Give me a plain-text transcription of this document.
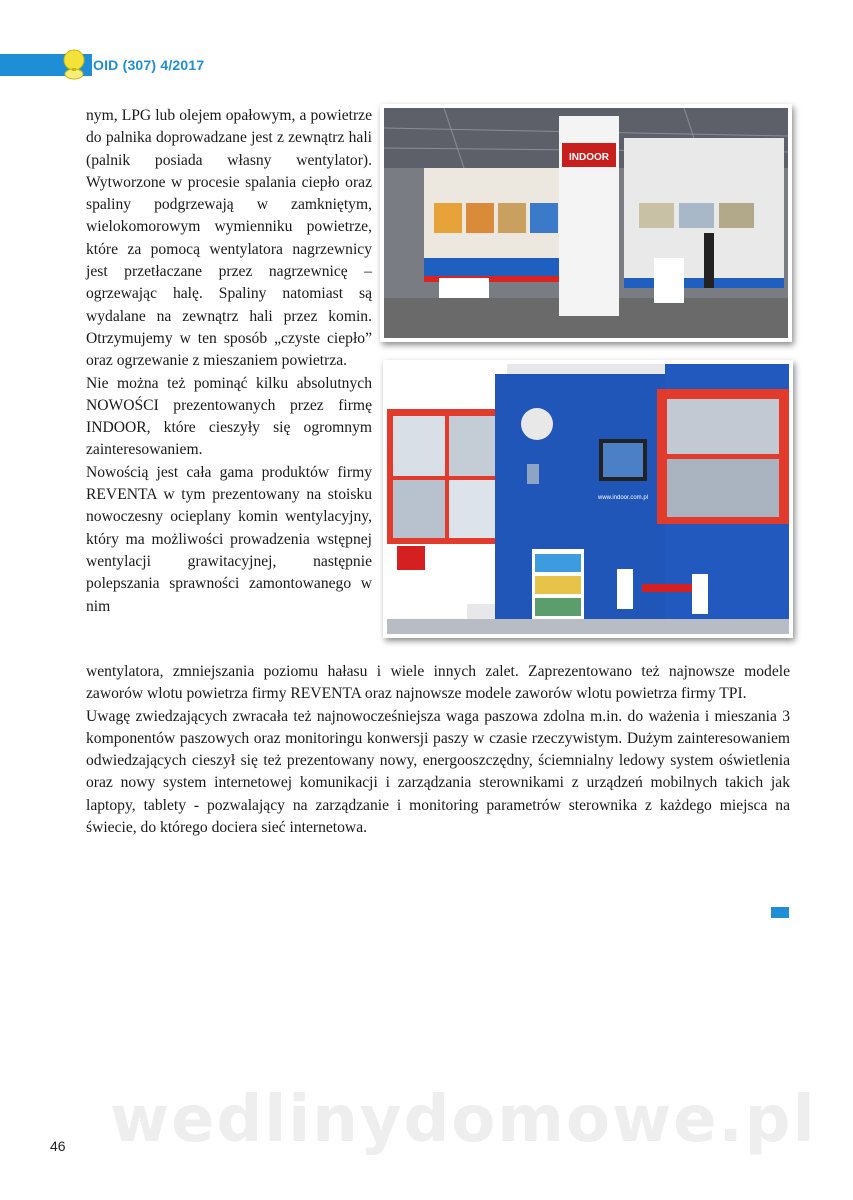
OID (307) 4/2017

nym, LPG lub olejem opałowym, a powietrze do palnika doprowadzane jest z zewnątrz hali (palnik posiada własny wentylator). Wytworzone w procesie spalania ciepło oraz spaliny podgrzewają w zamkniętym, wielokomorowym wymienniku powietrze, które za pomocą wentylatora nagrzewnicy jest przetłaczane przez nagrzewnicę – ogrzewając halę. Spaliny natomiast są wydalane na zewnątrz hali przez komin. Otrzymujemy w ten sposób „czyste ciepło” oraz ogrzewanie z mieszaniem powietrza.

Nie można też pominąć kilku absolutnych NOWOŚCI prezentowanych przez firmę INDOOR, które cieszyły się ogromnym zainteresowaniem.

Nowością jest cała gama produktów firmy REVENTA w tym prezentowany na stoisku nowoczesny ocieplany komin wentylacyjny, który ma możliwości prowadzenia wstępnej wentylacji grawitacyjnej, następnie polepszania sprawności zamontowanego w nim

INDOOR
www.indoor.com.pl

wentylatora, zmniejszania poziomu hałasu i wiele innych zalet. Zaprezentowano też najnowsze modele zaworów wlotu powietrza firmy REVENTA oraz najnowsze modele zaworów wlotu powietrza firmy TPI.

Uwagę zwiedzających zwracała też najnowocześniejsza waga paszowa zdolna m.in. do ważenia i mieszania 3 komponentów paszowych oraz monitoringu konwersji paszy w czasie rzeczywistym. Dużym zainteresowaniem odwiedzających cieszył się też prezentowany nowy, energooszczędny, ściemnialny ledowy system oświetlenia oraz nowy system internetowej komunikacji i zarządzania sterownikami z urządzeń mobilnych takich jak laptopy, tablety - pozwalający na zarządzanie i monitoring parametrów sterownika z każdego miejsca na świecie, do którego dociera sieć internetowa.

wedlinydomowe.pl
46
